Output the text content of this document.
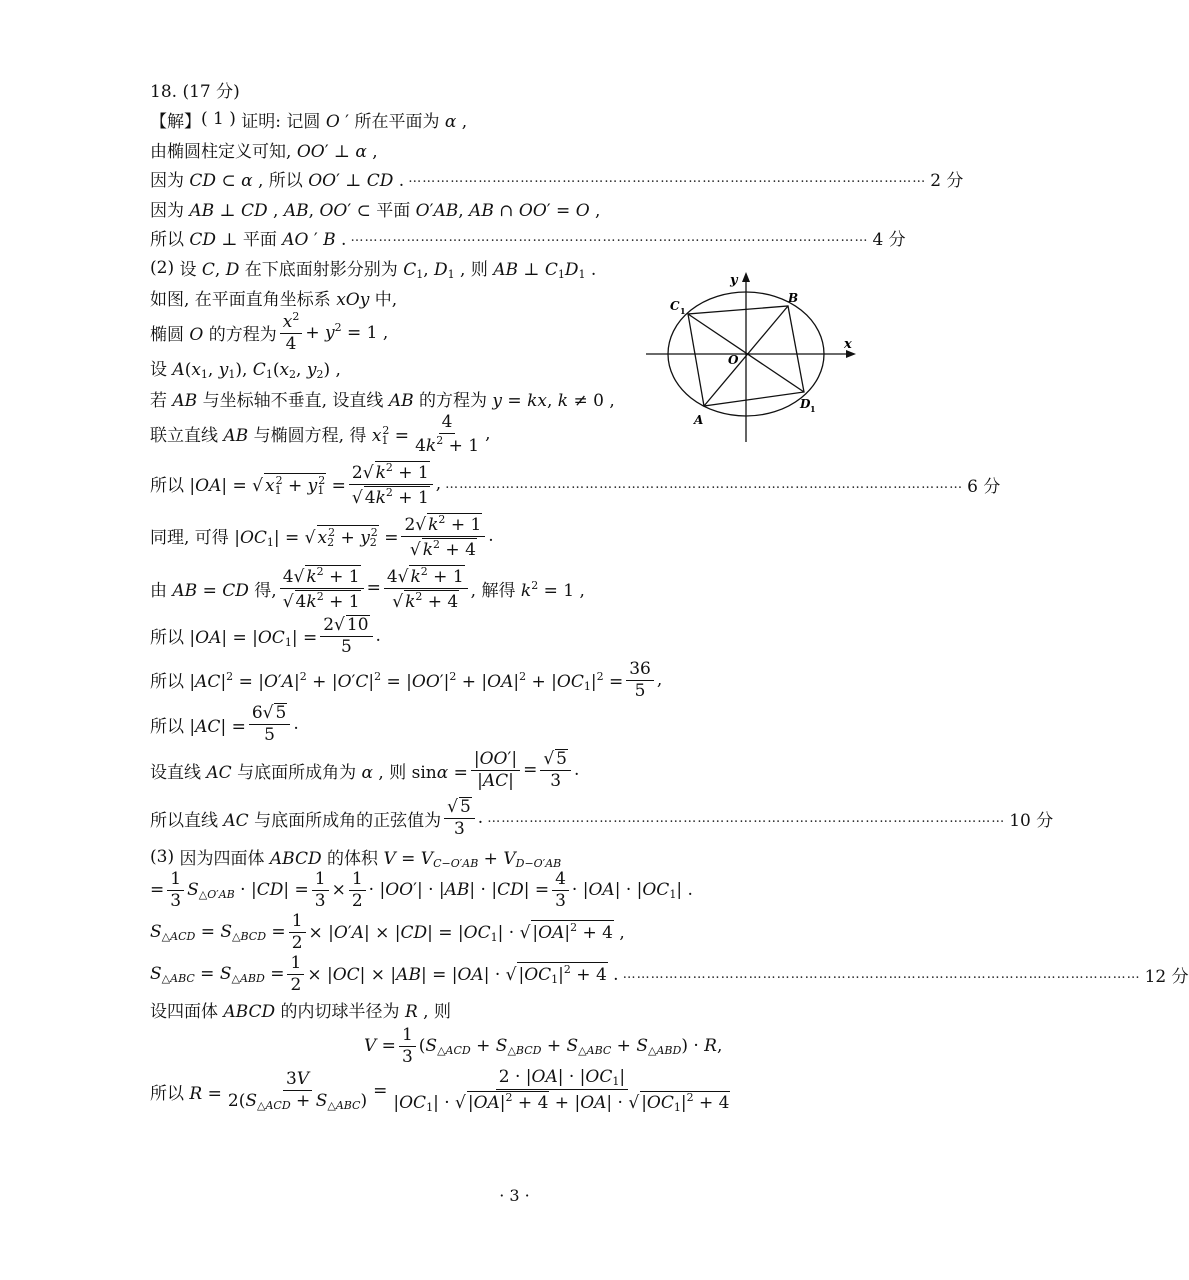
18. (17 分)
【解】 ( 1 ) 证明: 记圆 O ′ 所在平面为 α ,
由椭圆柱定义可知, OO′ ⊥ α ,
因为 CD ⊂ α , 所以 OO′ ⊥ CD . ………………………………………………………………………………………………… 2 分
因为 AB ⊥ CD , AB, OO′ ⊂ 平面 O′AB, AB ∩ OO′ = O ,
所以 CD ⊥ 平面 AO ′ B . ………………………………………………………………………………………………… 4 分
(2) 设 C, D 在下底面射影分别为 $C_1$, $D_1$ , 则 AB ⊥ $C_1D_1$ .
如图, 在平面直角坐标系 xOy 中,
椭圆 O 的方程为 $\frac{x^2}{4} + y^2 = 1$ ,
设 $A(x_1$, $y_1$), $C_1(x_2$, $y_2$) ,
若 AB 与坐标轴不垂直, 设直线 AB 的方程为 y = kx, k ≠ 0 ,
联立直线 AB 与椭圆方程, 得 $x_1^2 = \frac{4}{4k^2 + 1}$ ,
所以 |OA| = √ $x_1^2 + y_1^2 = \frac{2√ k^2 + 1}{√ 4k^2 + 1}$ , ………………………………………………………………………………………………… 6 分
同理, 可得 $|OC_1|$ = √ $x_2^2 + y_2^2 = \frac{2√ k^2 + 1}{√ k^2 + 4}$ .
由 AB = CD 得, $\frac{4√ k^2 + 1}{√ 4k^2 + 1} = \frac{4√ k^2 + 1}{√ k^2 + 4}$ , 解得 $k^2 = 1$ ,
所以 $|OA| = |OC_1| = \frac{2√ 10}{5}$ .
所以 $|AC|^2 = |O'A|^2 + |O'C|^2 = |OO'|^2 + |OA|^2 + |OC_1|^2 = \frac{36}{5}$ ,
所以 $|AC| = \frac{6√ 5}{5}$ .
设直线 AC 与底面所成角为 α , 则 $\sin\alpha = \frac{|OO'|}{|AC|} = \frac{√ 5}{3}$ .
所以直线 AC 与底面所成角的正弦值为 $\frac{√ 5}{3}$ . ………………………………………………………………………………………………… 10 分
(3) 因为四面体 ABCD 的体积 $V = V_{C-O'AB} + V_{D-O'AB}$
= $\frac{1}{3} S_{\triangle O'AB} \cdot |CD| = \frac{1}{3} \times \frac{1}{2} \cdot |OO'| \cdot |AB| \cdot |CD| = \frac{4}{3} \cdot |OA| \cdot |OC_1|$ .
$S_{\triangle ACD} = S_{\triangle BCD} = \frac{1}{2} \times |O'A| \times |CD| = |OC_1|$ · √ $|OA|^2 + 4$ ,
$S_{\triangle ABC} = S_{\triangle ABD} = \frac{1}{2} \times |OC| \times |AB| = |OA|$ · √ $|OC_1|^2 + 4$ . ………………………………………………………………………………………………… 12 分
设四面体 ABCD 的内切球半径为 R , 则
$V = \frac{1}{3} (S_{\triangle ACD} + S_{\triangle BCD} + S_{\triangle ABC} + S_{\triangle ABD}) \cdot R$,
所以 $R = \frac{3V}{2(S_{\triangle ACD} + S_{\triangle ABC})} = \frac{2 \cdot |OA| \cdot |OC_1|}{|OC_1| \cdot √ |OA|^2 + 4 + |OA| \cdot √ |OC_1|^2 + 4}$
x
y
O
A
B
C 1
D 1
· 3 ·
